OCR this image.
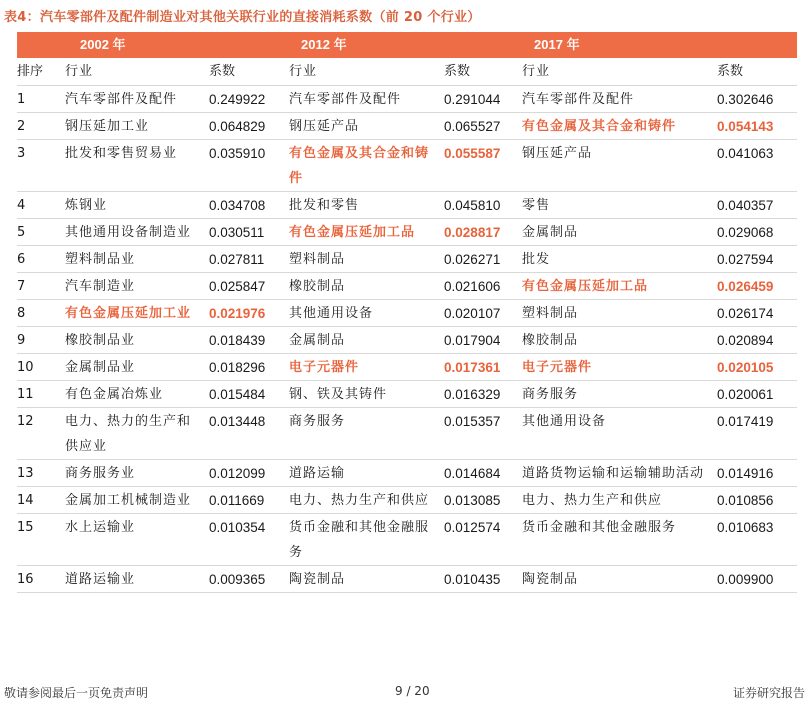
表4：汽车零部件及配件制造业对其他关联行业的直接消耗系数（前 20 个行业）
2002 年			2012 年		2017 年	
排序	行业	系数	行业	系数	行业	系数
1	汽车零部件及配件	0.249922	汽车零部件及配件	0.291044	汽车零部件及配件	0.302646
2	钢压延加工业	0.064829	钢压延产品	0.065527	有色金属及其合金和铸件	0.054143
3	批发和零售贸易业	0.035910	有色金属及其合金和铸件	0.055587	钢压延产品	0.041063
4	炼钢业	0.034708	批发和零售	0.045810	零售	0.040357
5	其他通用设备制造业	0.030511	有色金属压延加工品	0.028817	金属制品	0.029068
6	塑料制品业	0.027811	塑料制品	0.026271	批发	0.027594
7	汽车制造业	0.025847	橡胶制品	0.021606	有色金属压延加工品	0.026459
8	有色金属压延加工业	0.021976	其他通用设备	0.020107	塑料制品	0.026174
9	橡胶制品业	0.018439	金属制品	0.017904	橡胶制品	0.020894
10	金属制品业	0.018296	电子元器件	0.017361	电子元器件	0.020105
11	有色金属冶炼业	0.015484	钢、铁及其铸件	0.016329	商务服务	0.020061
12	电力、热力的生产和供应业	0.013448	商务服务	0.015357	其他通用设备	0.017419
13	商务服务业	0.012099	道路运输	0.014684	道路货物运输和运输辅助活动	0.014916
14	金属加工机械制造业	0.011669	电力、热力生产和供应	0.013085	电力、热力生产和供应	0.010856
15	水上运输业	0.010354	货币金融和其他金融服务	0.012574	货币金融和其他金融服务	0.010683
16	道路运输业	0.009365	陶瓷制品	0.010435	陶瓷制品	0.009900
敬请参阅最后一页免责声明	9 / 20	证券研究报告
